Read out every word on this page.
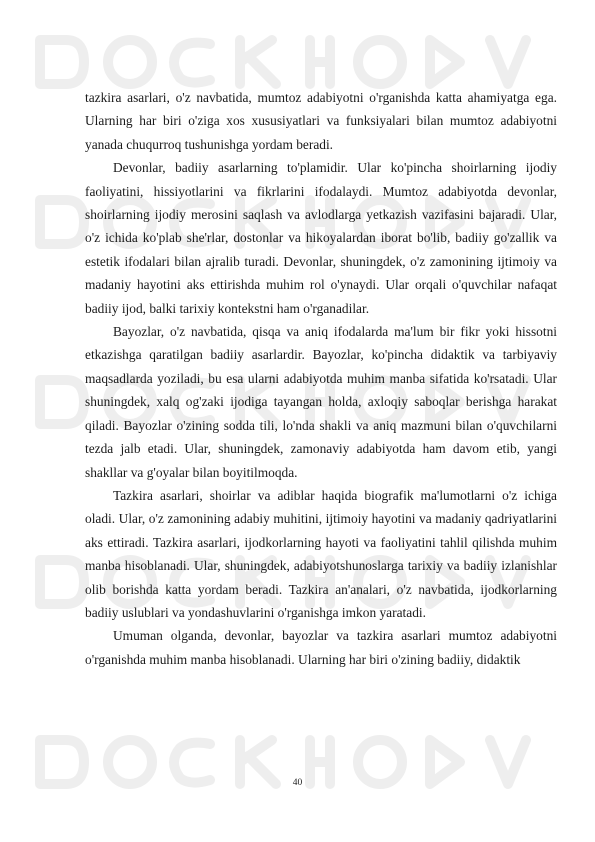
tazkira asarlari, o'z navbatida, mumtoz adabiyotni o'rganishda katta ahamiyatga ega. Ularning har biri o'ziga xos xususiyatlari va funksiyalari bilan mumtoz adabiyotni yanada chuqurroq tushunishga yordam beradi.

Devonlar, badiiy asarlarning to'plamidir. Ular ko'pincha shoirlarning ijodiy faoliyatini, hissiyotlarini va fikrlarini ifodalaydi. Mumtoz adabiyotda devonlar, shoirlarning ijodiy merosini saqlash va avlodlarga yetkazish vazifasini bajaradi. Ular, o'z ichida ko'plab she'rlar, dostonlar va hikoyalardan iborat bo'lib, badiiy go'zallik va estetik ifodalari bilan ajralib turadi. Devonlar, shuningdek, o'z zamonining ijtimoiy va madaniy hayotini aks ettirishda muhim rol o'ynaydi. Ular orqali o'quvchilar nafaqat badiiy ijod, balki tarixiy kontekstni ham o'rganadilar.

Bayozlar, o'z navbatida, qisqa va aniq ifodalarda ma'lum bir fikr yoki hissotni etkazishga qaratilgan badiiy asarlardir. Bayozlar, ko'pincha didaktik va tarbiyaviy maqsadlarda yoziladi, bu esa ularni adabiyotda muhim manba sifatida ko'rsatadi. Ular shuningdek, xalq og'zaki ijodiga tayangan holda, axloqiy saboqlar berishga harakat qiladi. Bayozlar o'zining sodda tili, lo'nda shakli va aniq mazmuni bilan o'quvchilarni tezda jalb etadi. Ular, shuningdek, zamonaviy adabiyotda ham davom etib, yangi shakllar va g'oyalar bilan boyitilmoqda.

Tazkira asarlari, shoirlar va adiblar haqida biografik ma'lumotlarni o'z ichiga oladi. Ular, o'z zamonining adabiy muhitini, ijtimoiy hayotini va madaniy qadriyatlarini aks ettiradi. Tazkira asarlari, ijodkorlarning hayoti va faoliyatini tahlil qilishda muhim manba hisoblanadi. Ular, shuningdek, adabiyotshunoslarga tarixiy va badiiy izlanishlar olib borishda katta yordam beradi. Tazkira an'analari, o'z navbatida, ijodkorlarning badiiy uslublari va yondashuvlarini o'rganishga imkon yaratadi.

Umuman olganda, devonlar, bayozlar va tazkira asarlari mumtoz adabiyotni o'rganishda muhim manba hisoblanadi. Ularning har biri o'zining badiiy, didaktik

40
